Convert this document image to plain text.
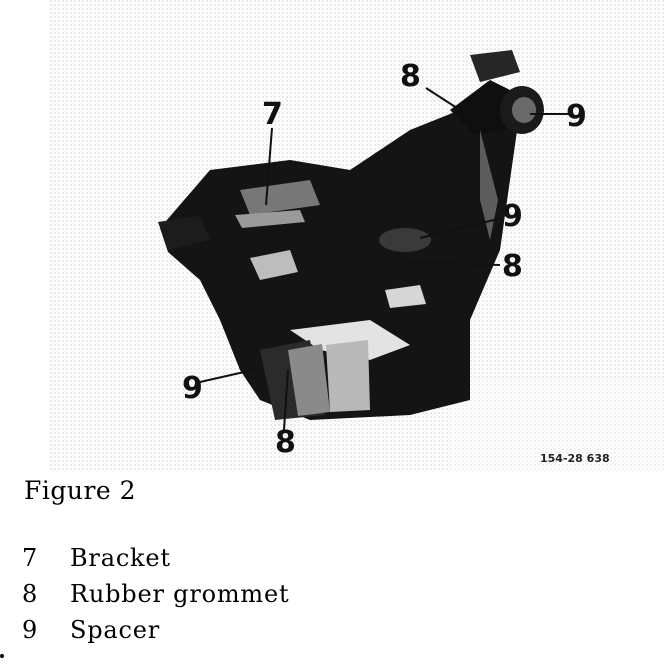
7
8
9
9
8
9
8	154-28 638
Figure 2
7	Bracket
8	Rubber grommet
9	Spacer
